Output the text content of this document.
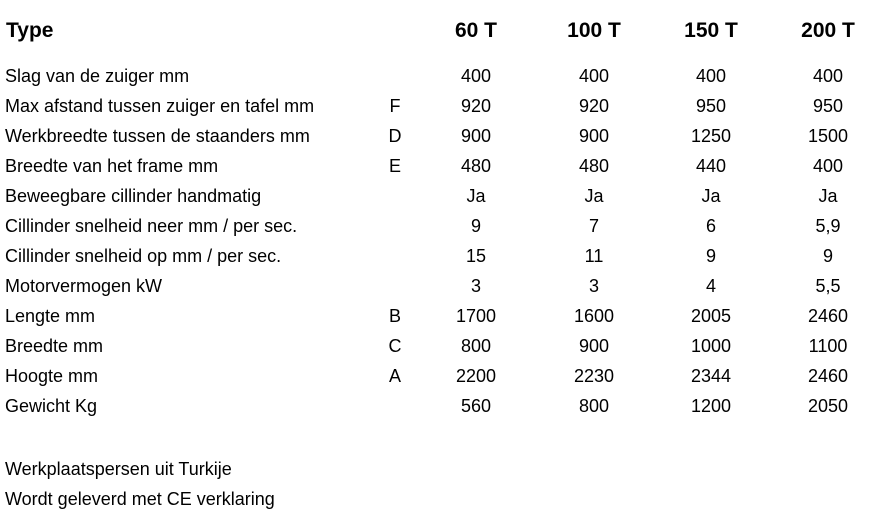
Type	60 T	100 T	150 T	200 T
Slag van de zuiger mm	400	400	400	400
Max afstand tussen zuiger en tafel mm	F	920	920	950	950
Werkbreedte tussen de staanders mm	D	900	900	1250	1500
Breedte van het frame mm	E	480	480	440	400
Beweegbare cillinder handmatig	Ja	Ja	Ja	Ja
Cillinder snelheid neer mm / per sec.	9	7	6	5,9
Cillinder snelheid op mm / per sec.	15	11	9	9
Motorvermogen kW	3	3	4	5,5
Lengte mm	B	1700	1600	2005	2460
Breedte mm	C	800	900	1000	1100
Hoogte mm	A	2200	2230	2344	2460
Gewicht Kg	560	800	1200	2050
Werkplaatspersen uit Turkije
Wordt geleverd met CE verklaring
